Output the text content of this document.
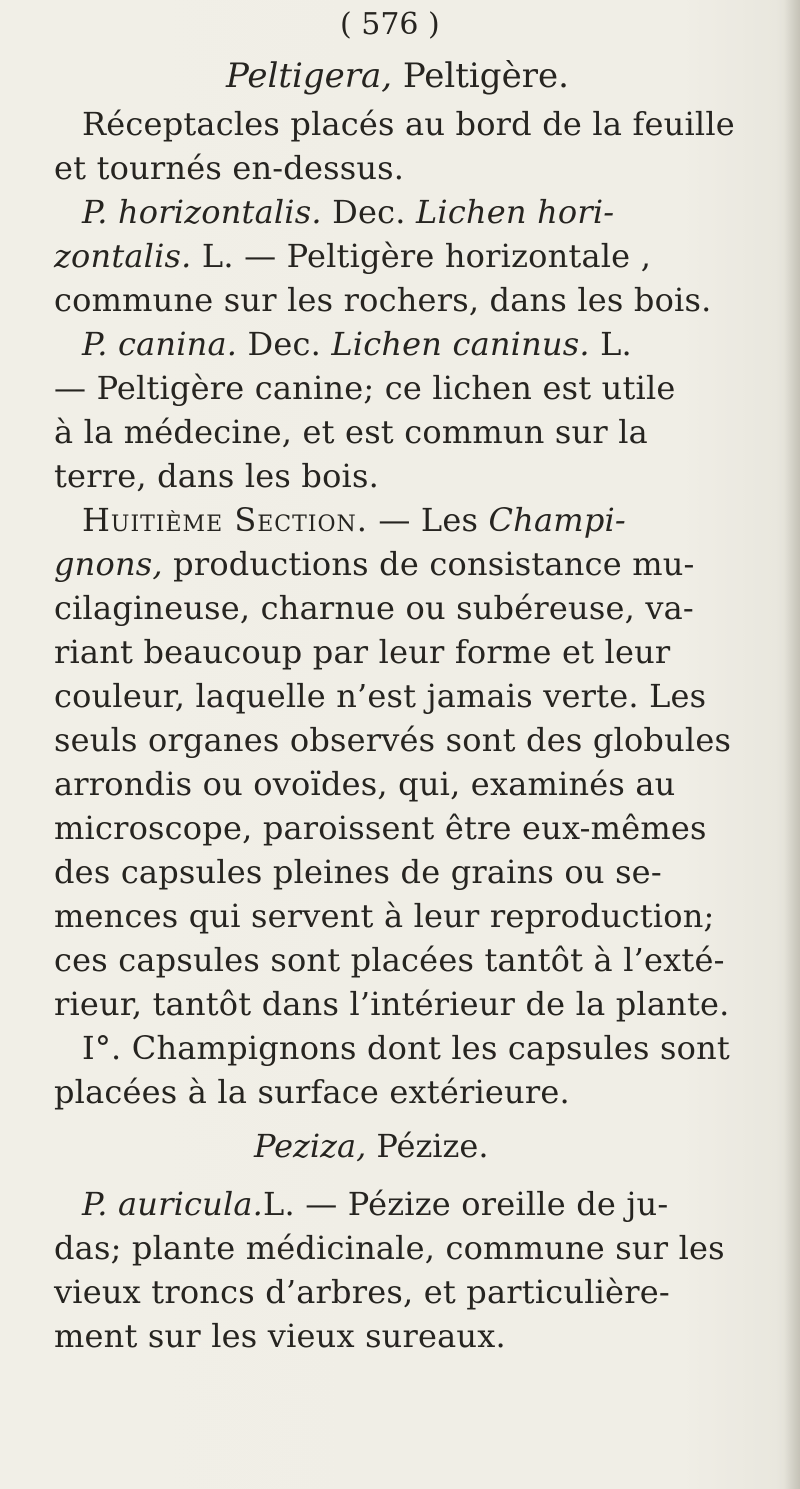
( 576 )
Peltigera, Peltigère.
Réceptacles placés au bord de la feuille
et tournés en-dessus.
P. horizontalis. Dec. Lichen hori-
zontalis. L. — Peltigère horizontale ,
commune sur les rochers, dans les bois.
P. canina. Dec. Lichen caninus. L.
— Peltigère canine; ce lichen est utile
à la médecine, et est commun sur la
terre, dans les bois.
Huitième Section. — Les Champi-
gnons, productions de consistance mu-
cilagineuse, charnue ou subéreuse, va-
riant beaucoup par leur forme et leur
couleur, laquelle n’est jamais verte. Les
seuls organes observés sont des globules
arrondis ou ovoïdes, qui, examinés au
microscope, paroissent être eux-mêmes
des capsules pleines de grains ou se-
mences qui servent à leur reproduction;
ces capsules sont placées tantôt à l’exté-
rieur, tantôt dans l’intérieur de la plante.
I°. Champignons dont les capsules sont
placées à la surface extérieure.
Peziza, Pézize.
P. auricula.L. — Pézize oreille de ju-
das; plante médicinale, commune sur les
vieux troncs d’arbres, et particulière-
ment sur les vieux sureaux.
